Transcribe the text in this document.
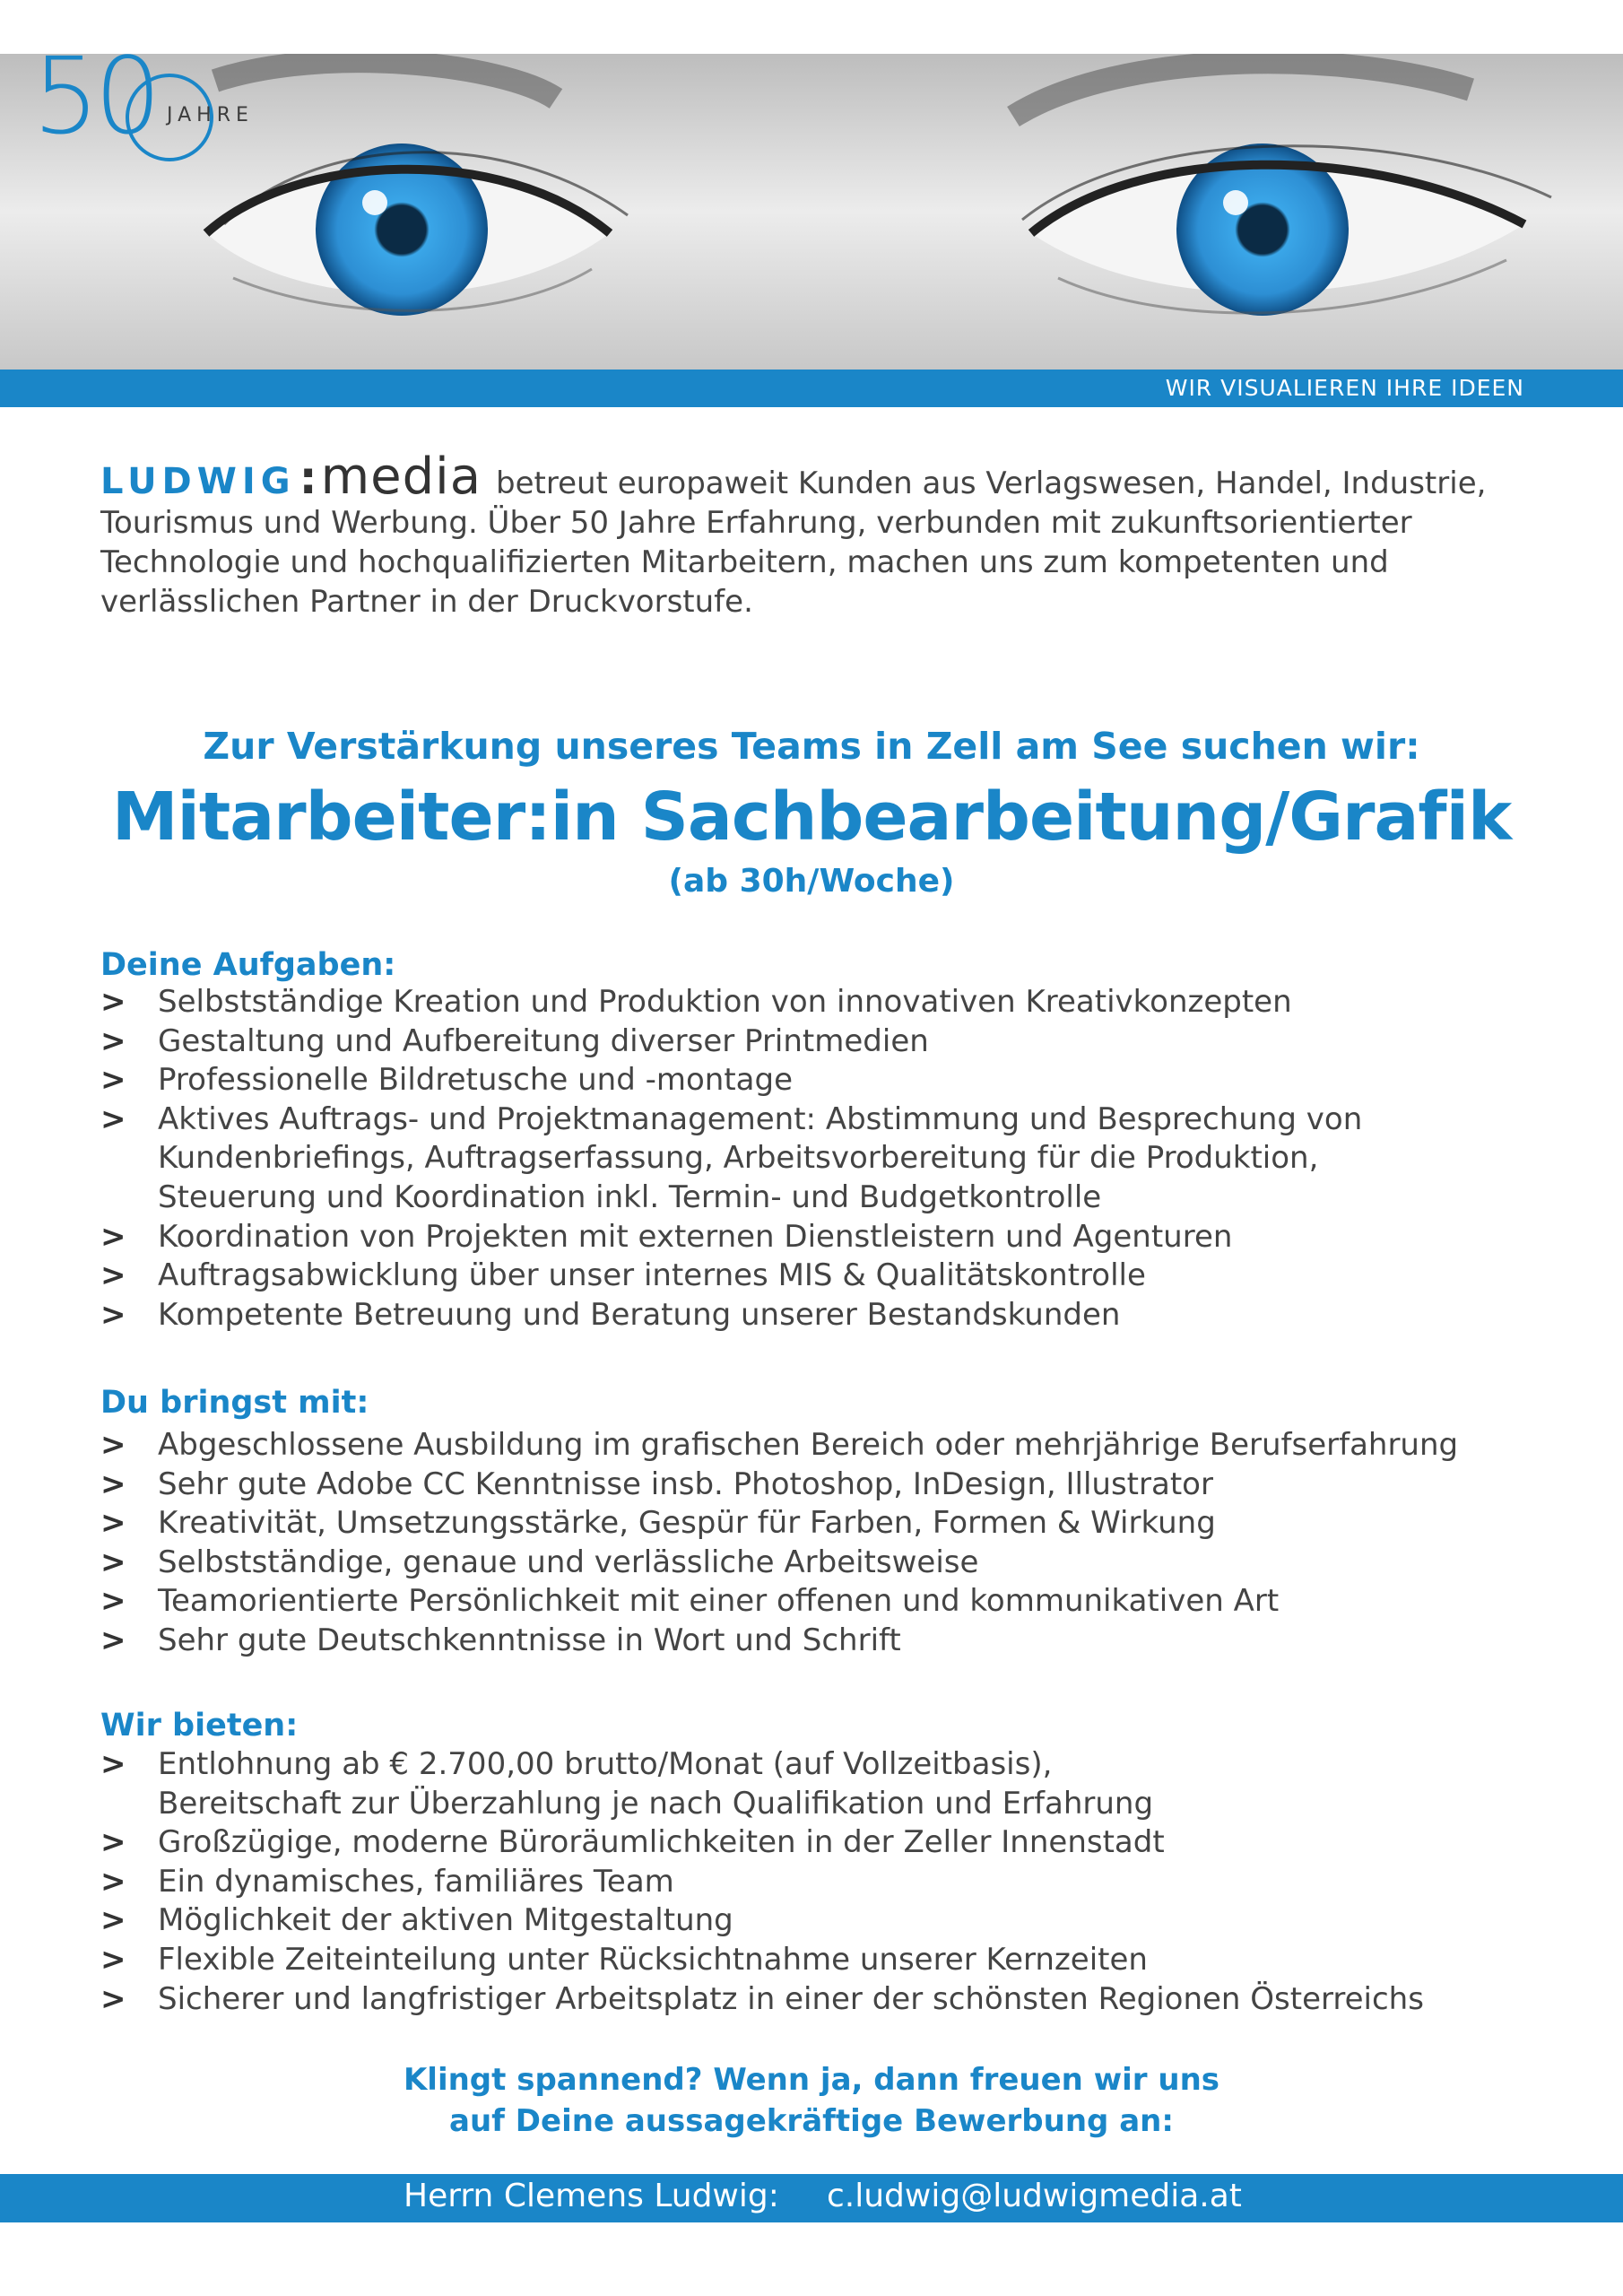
50 JAHRE
WIR VISUALIEREN IHRE IDEEN
LUDWIG : media betreut europaweit Kunden aus Verlagswesen, Handel, Industrie, Tourismus und Werbung. Über 50 Jahre Erfahrung, verbunden mit zukunftsorientierter Technologie und hochqualifizierten Mitarbeitern, machen uns zum kompetenten und verlässlichen Partner in der Druckvorstufe.
Zur Verstärkung unseres Teams in Zell am See suchen wir:
Mitarbeiter:in Sachbearbeitung/Grafik
(ab 30h/Woche)
Deine Aufgaben:
> Selbstständige Kreation und Produktion von innovativen Kreativkonzepten
> Gestaltung und Aufbereitung diverser Printmedien
> Professionelle Bildretusche und -montage
> Aktives Auftrags- und Projektmanagement: Abstimmung und Besprechung von Kundenbriefings, Auftragserfassung, Arbeitsvorbereitung für die Produktion, Steuerung und Koordination inkl. Termin- und Budgetkontrolle
> Koordination von Projekten mit externen Dienstleistern und Agenturen
> Auftragsabwicklung über unser internes MIS & Qualitätskontrolle
> Kompetente Betreuung und Beratung unserer Bestandskunden
Du bringst mit:
> Abgeschlossene Ausbildung im grafischen Bereich oder mehrjährige Berufserfahrung
> Sehr gute Adobe CC Kenntnisse insb. Photoshop, InDesign, Illustrator
> Kreativität, Umsetzungsstärke, Gespür für Farben, Formen & Wirkung
> Selbstständige, genaue und verlässliche Arbeitsweise
> Teamorientierte Persönlichkeit mit einer offenen und kommunikativen Art
> Sehr gute Deutschkenntnisse in Wort und Schrift
Wir bieten:
> Entlohnung ab € 2.700,00 brutto/Monat (auf Vollzeitbasis), Bereitschaft zur Überzahlung je nach Qualifikation und Erfahrung
> Großzügige, moderne Büroräumlichkeiten in der Zeller Innenstadt
> Ein dynamisches, familiäres Team
> Möglichkeit der aktiven Mitgestaltung
> Flexible Zeiteinteilung unter Rücksichtnahme unserer Kernzeiten
> Sicherer und langfristiger Arbeitsplatz in einer der schönsten Regionen Österreichs
Klingt spannend? Wenn ja, dann freuen wir uns
auf Deine aussagekräftige Bewerbung an:
Herrn Clemens Ludwig: c.ludwig@ludwigmedia.at
